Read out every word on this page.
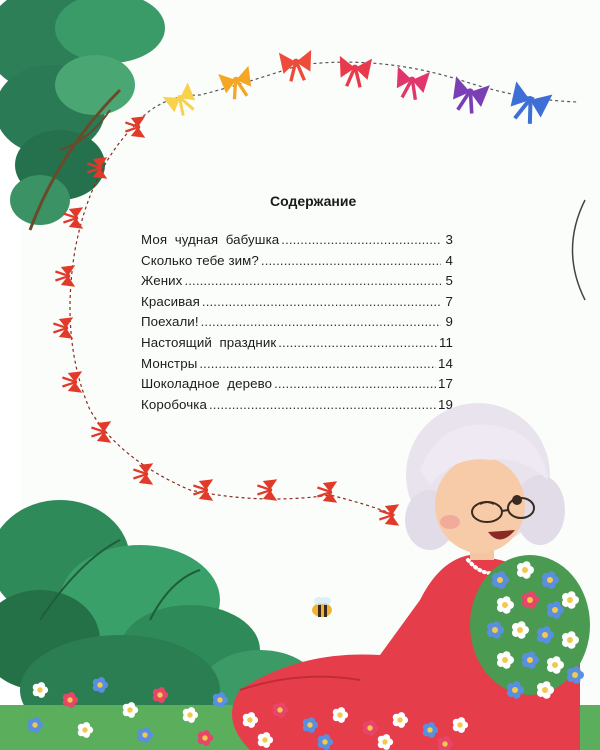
Содержание
Моя  чудная  бабушка .....	3
Сколько тебе зим? .....	4
Жених .....	5
Красивая .....	7
Поехали! .....	9
Настоящий  праздник .....	11
Монстры .....	14
Шоколадное  дерево .....	17
Коробочка .....	19
